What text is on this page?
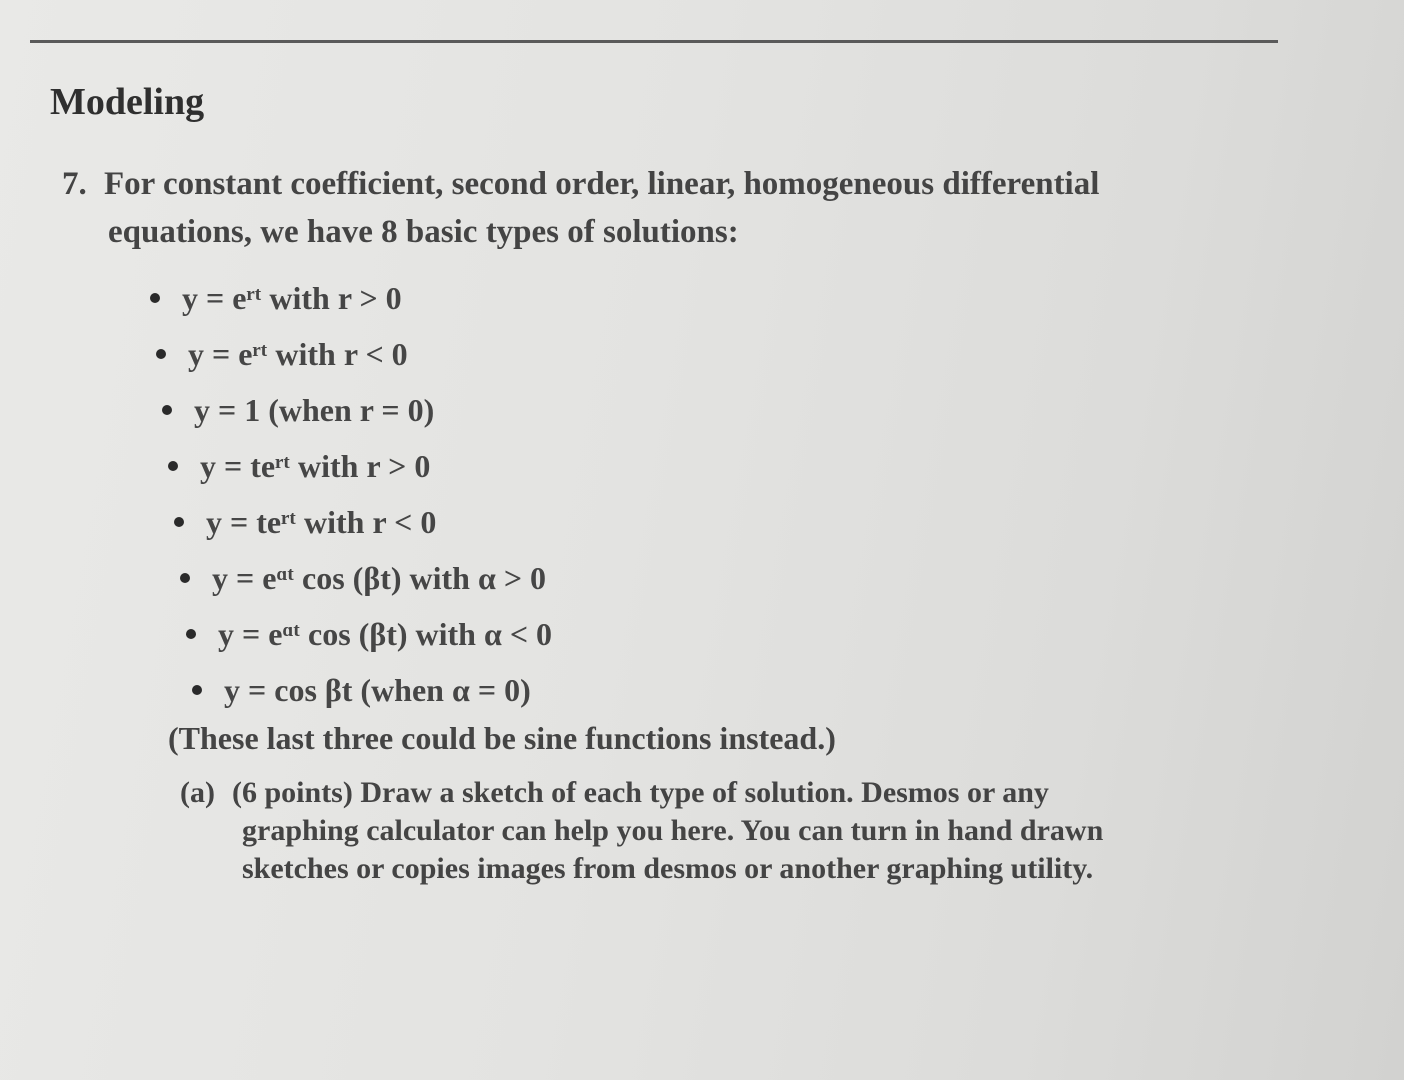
Modeling
7. For constant coefficient, second order, linear, homogeneous differential
equations, we have 8 basic types of solutions:
y = eʳᵗ with r > 0
y = eʳᵗ with r < 0
y = 1 (when r = 0)
y = teʳᵗ with r > 0
y = teʳᵗ with r < 0
y = eᵅᵗ cos (βt) with α > 0
y = eᵅᵗ cos (βt) with α < 0
y = cos βt (when α = 0)
(These last three could be sine functions instead.)
(a) (6 points) Draw a sketch of each type of solution. Desmos or any
graphing calculator can help you here. You can turn in hand drawn
sketches or copies images from desmos or another graphing utility.
